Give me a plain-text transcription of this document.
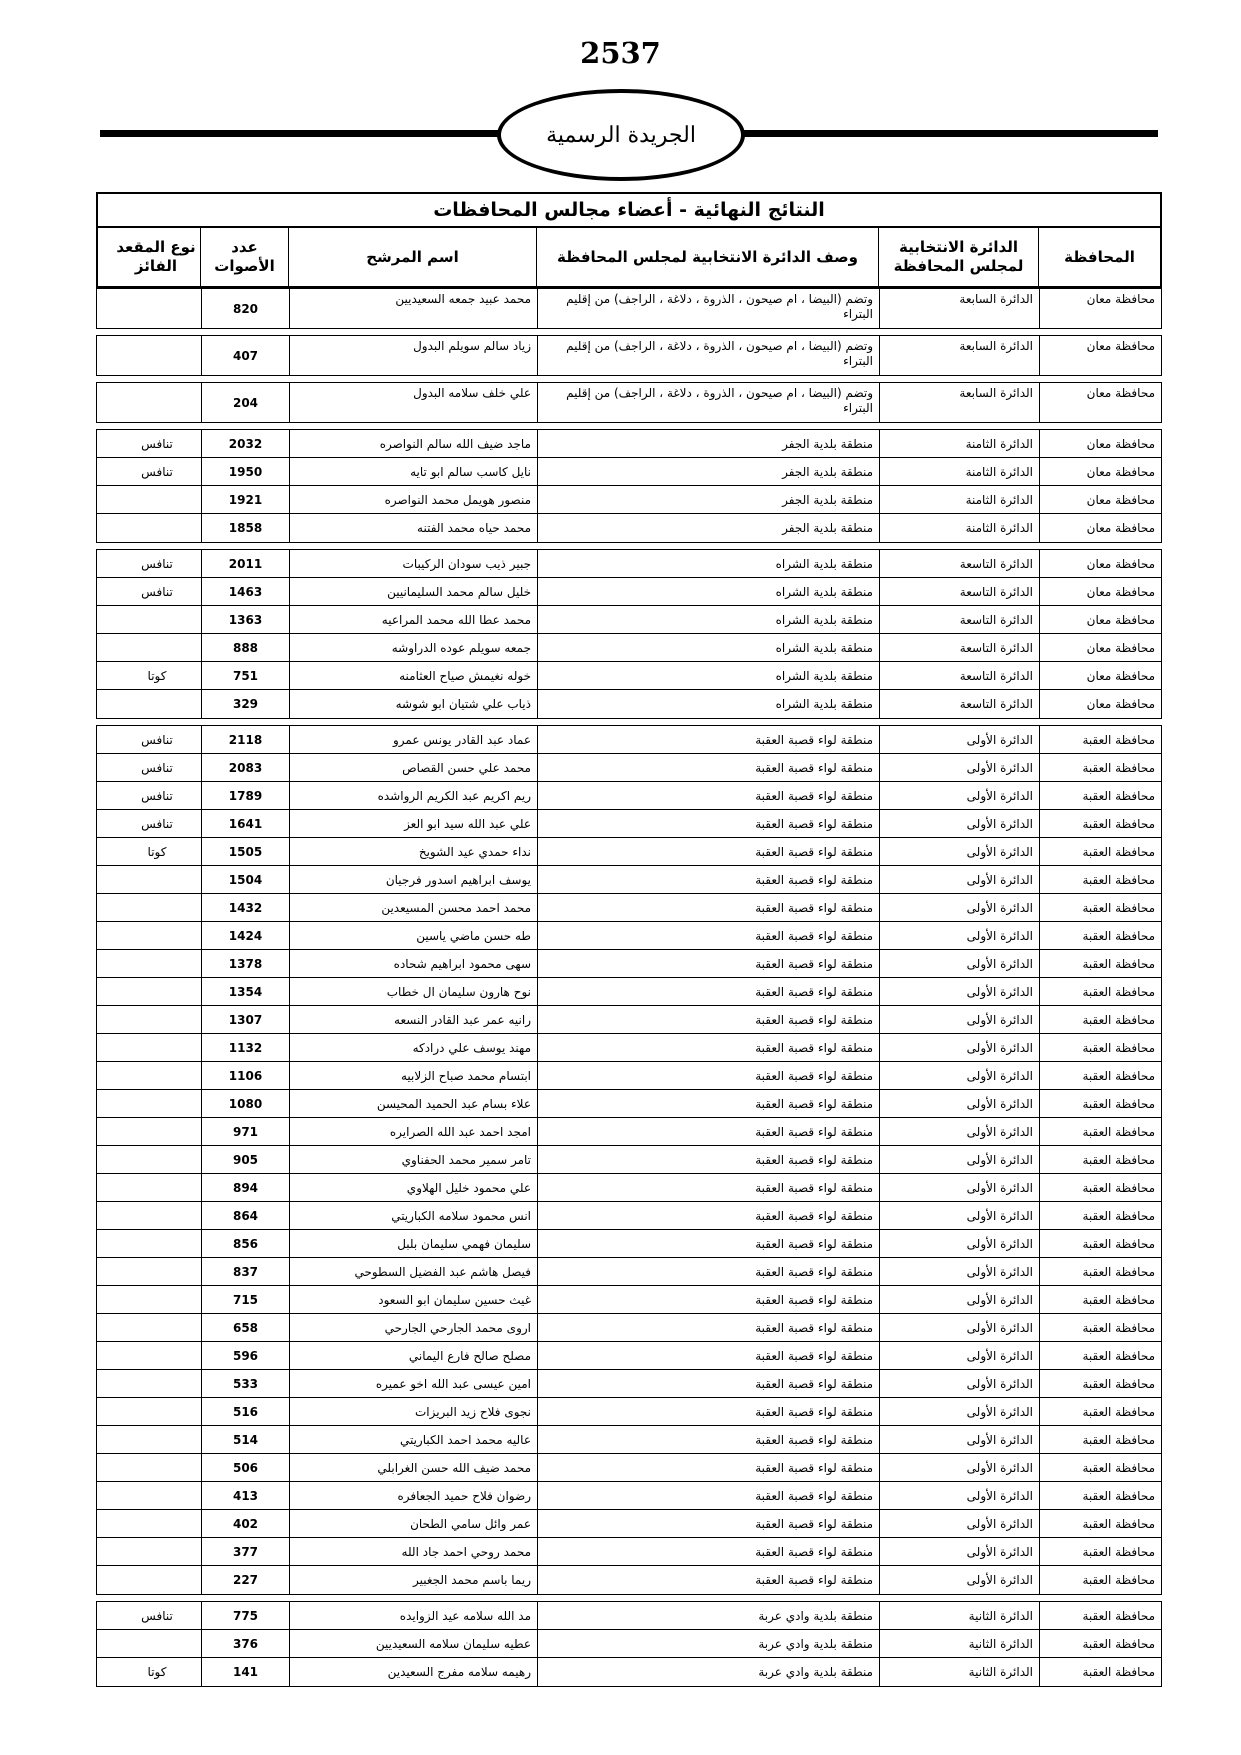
2537
الجريدة الرسمية
النتائج النهائية - أعضاء مجالس المحافظات
المحافظة
الدائرة الانتخابية لمجلس المحافظة
وصف الدائرة الانتخابية لمجلس المحافظة
اسم المرشح
عدد الأصوات
نوع المقعد الفائز
محافظة معان
الدائرة السابعة
وتضم (البيضا ، ام صيحون ، الذروة ، دلاغة ، الراجف) من إقليم البتراء
محمد عبيد جمعه السعيديين
820
محافظة معان
الدائرة السابعة
وتضم (البيضا ، ام صيحون ، الذروة ، دلاغة ، الراجف) من إقليم البتراء
زياد سالم سويلم البدول
407
محافظة معان
الدائرة السابعة
وتضم (البيضا ، ام صيحون ، الذروة ، دلاغة ، الراجف) من إقليم البتراء
علي خلف سلامه البدول
204
محافظة معان
الدائرة الثامنة
منطقة بلدية الجفر
ماجد ضيف الله سالم النواصره
2032
تنافس
محافظة معان
الدائرة الثامنة
منطقة بلدية الجفر
نايل كاسب سالم ابو تايه
1950
تنافس
محافظة معان
الدائرة الثامنة
منطقة بلدية الجفر
منصور هويمل محمد النواصره
1921
محافظة معان
الدائرة الثامنة
منطقة بلدية الجفر
محمد حياه محمد الفتنه
1858
محافظة معان
الدائرة التاسعة
منطقة بلدية الشراه
جبير ذيب سودان الركيبات
2011
تنافس
محافظة معان
الدائرة التاسعة
منطقة بلدية الشراه
خليل سالم محمد السليمانيين
1463
تنافس
محافظة معان
الدائرة التاسعة
منطقة بلدية الشراه
محمد عطا الله محمد المراعيه
1363
محافظة معان
الدائرة التاسعة
منطقة بلدية الشراه
جمعه سويلم عوده الدراوشه
888
محافظة معان
الدائرة التاسعة
منطقة بلدية الشراه
خوله نغيمش صياح العثامنه
751
كوتا
محافظة معان
الدائرة التاسعة
منطقة بلدية الشراه
ذياب علي شتيان ابو شوشه
329
محافظة العقبة
الدائرة الأولى
منطقة لواء قصبة العقبة
عماد عبد القادر يونس عمرو
2118
تنافس
محافظة العقبة
الدائرة الأولى
منطقة لواء قصبة العقبة
محمد علي حسن القصاص
2083
تنافس
محافظة العقبة
الدائرة الأولى
منطقة لواء قصبة العقبة
ريم اكريم عبد الكريم الرواشده
1789
تنافس
محافظة العقبة
الدائرة الأولى
منطقة لواء قصبة العقبة
علي عبد الله سيد ابو العز
1641
تنافس
محافظة العقبة
الدائرة الأولى
منطقة لواء قصبة العقبة
نداء حمدي عيد الشويخ
1505
كوتا
محافظة العقبة
الدائرة الأولى
منطقة لواء قصبة العقبة
يوسف ابراهيم اسدور فرجيان
1504
محافظة العقبة
الدائرة الأولى
منطقة لواء قصبة العقبة
محمد احمد محسن المسيعدين
1432
محافظة العقبة
الدائرة الأولى
منطقة لواء قصبة العقبة
طه حسن ماضي ياسين
1424
محافظة العقبة
الدائرة الأولى
منطقة لواء قصبة العقبة
سهى محمود ابراهيم شحاده
1378
محافظة العقبة
الدائرة الأولى
منطقة لواء قصبة العقبة
نوح هارون سليمان ال خطاب
1354
محافظة العقبة
الدائرة الأولى
منطقة لواء قصبة العقبة
رانيه عمر عبد القادر النسعه
1307
محافظة العقبة
الدائرة الأولى
منطقة لواء قصبة العقبة
مهند يوسف علي درادكه
1132
محافظة العقبة
الدائرة الأولى
منطقة لواء قصبة العقبة
ابتسام محمد صباح الزلابيه
1106
محافظة العقبة
الدائرة الأولى
منطقة لواء قصبة العقبة
علاء بسام عبد الحميد المحيسن
1080
محافظة العقبة
الدائرة الأولى
منطقة لواء قصبة العقبة
امجد احمد عبد الله الصرايره
971
محافظة العقبة
الدائرة الأولى
منطقة لواء قصبة العقبة
تامر سمير محمد الحفناوي
905
محافظة العقبة
الدائرة الأولى
منطقة لواء قصبة العقبة
علي محمود خليل الهلاوي
894
محافظة العقبة
الدائرة الأولى
منطقة لواء قصبة العقبة
انس محمود سلامه الكباريتي
864
محافظة العقبة
الدائرة الأولى
منطقة لواء قصبة العقبة
سليمان فهمي سليمان بلبل
856
محافظة العقبة
الدائرة الأولى
منطقة لواء قصبة العقبة
فيصل هاشم عبد الفضيل السطوحي
837
محافظة العقبة
الدائرة الأولى
منطقة لواء قصبة العقبة
غيث حسين سليمان ابو السعود
715
محافظة العقبة
الدائرة الأولى
منطقة لواء قصبة العقبة
اروى محمد الجارحي الجارحي
658
محافظة العقبة
الدائرة الأولى
منطقة لواء قصبة العقبة
مصلح صالح فارع اليماني
596
محافظة العقبة
الدائرة الأولى
منطقة لواء قصبة العقبة
امين عيسى عبد الله اخو عميره
533
محافظة العقبة
الدائرة الأولى
منطقة لواء قصبة العقبة
نجوى فلاح زيد البريزات
516
محافظة العقبة
الدائرة الأولى
منطقة لواء قصبة العقبة
عاليه محمد احمد الكباريتي
514
محافظة العقبة
الدائرة الأولى
منطقة لواء قصبة العقبة
محمد ضيف الله حسن الغرابلي
506
محافظة العقبة
الدائرة الأولى
منطقة لواء قصبة العقبة
رضوان فلاح حميد الجعافره
413
محافظة العقبة
الدائرة الأولى
منطقة لواء قصبة العقبة
عمر وائل سامي الطحان
402
محافظة العقبة
الدائرة الأولى
منطقة لواء قصبة العقبة
محمد روحي احمد جاد الله
377
محافظة العقبة
الدائرة الأولى
منطقة لواء قصبة العقبة
ريما باسم محمد الجغبير
227
محافظة العقبة
الدائرة الثانية
منطقة بلدية وادي عربة
مد الله سلامه عيد الزوايده
775
تنافس
محافظة العقبة
الدائرة الثانية
منطقة بلدية وادي عربة
عطيه سليمان سلامه السعيديين
376
محافظة العقبة
الدائرة الثانية
منطقة بلدية وادي عربة
رهيمه سلامه مفرج السعيدين
141
كوتا
